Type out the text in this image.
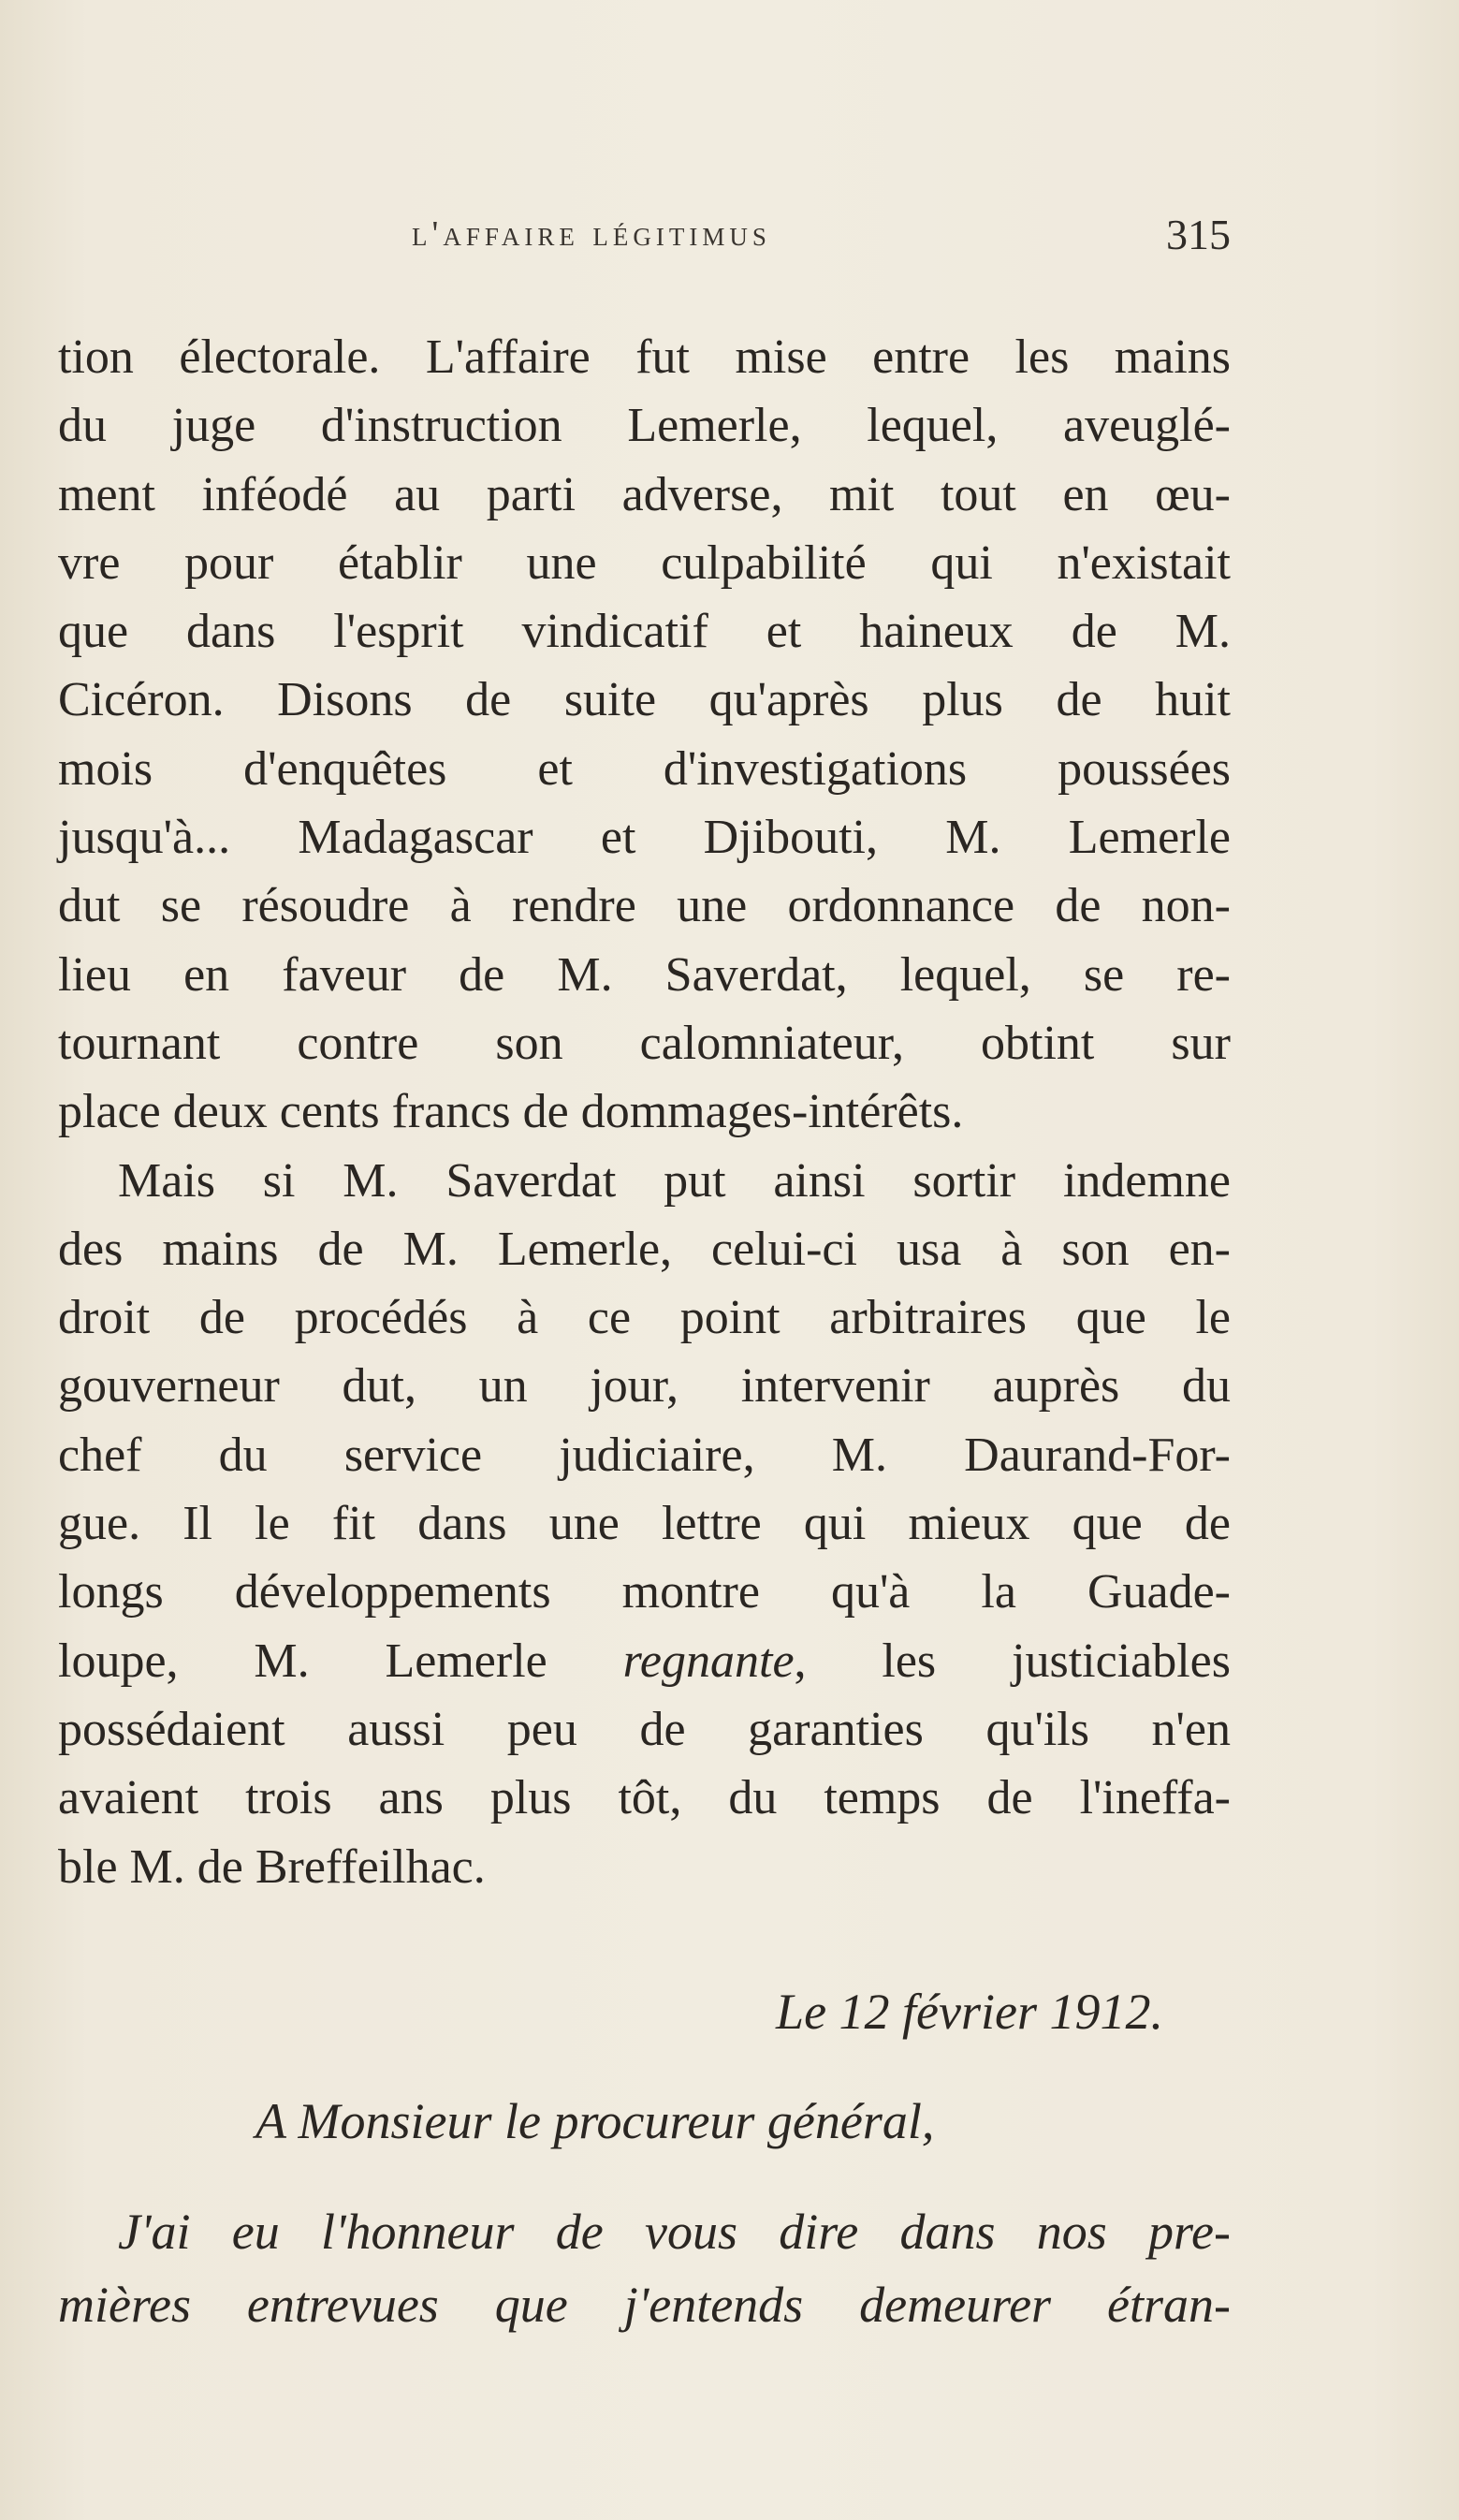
l'affaire légitimus	315
tion électorale. L'affaire fut mise entre les mains
du juge d'instruction Lemerle, lequel, aveuglé-
ment inféodé au parti adverse, mit tout en œu-
vre pour établir une culpabilité qui n'existait
que dans l'esprit vindicatif et haineux de M.
Cicéron. Disons de suite qu'après plus de huit
mois d'enquêtes et d'investigations poussées
jusqu'à... Madagascar et Djibouti, M. Lemerle
dut se résoudre à rendre une ordonnance de non-
lieu en faveur de M. Saverdat, lequel, se re-
tournant contre son calomniateur, obtint sur
place deux cents francs de dommages-intérêts.
Mais si M. Saverdat put ainsi sortir indemne
des mains de M. Lemerle, celui-ci usa à son en-
droit de procédés à ce point arbitraires que le
gouverneur dut, un jour, intervenir auprès du
chef du service judiciaire, M. Daurand-For-
gue. Il le fit dans une lettre qui mieux que de
longs développements montre qu'à la Guade-
loupe, M. Lemerle regnante, les justiciables
possédaient aussi peu de garanties qu'ils n'en
avaient trois ans plus tôt, du temps de l'ineffa-
ble M. de Breffeilhac.
Le 12 février 1912.
A Monsieur le procureur général,
J'ai eu l'honneur de vous dire dans nos pre-
mières entrevues que j'entends demeurer étran-
